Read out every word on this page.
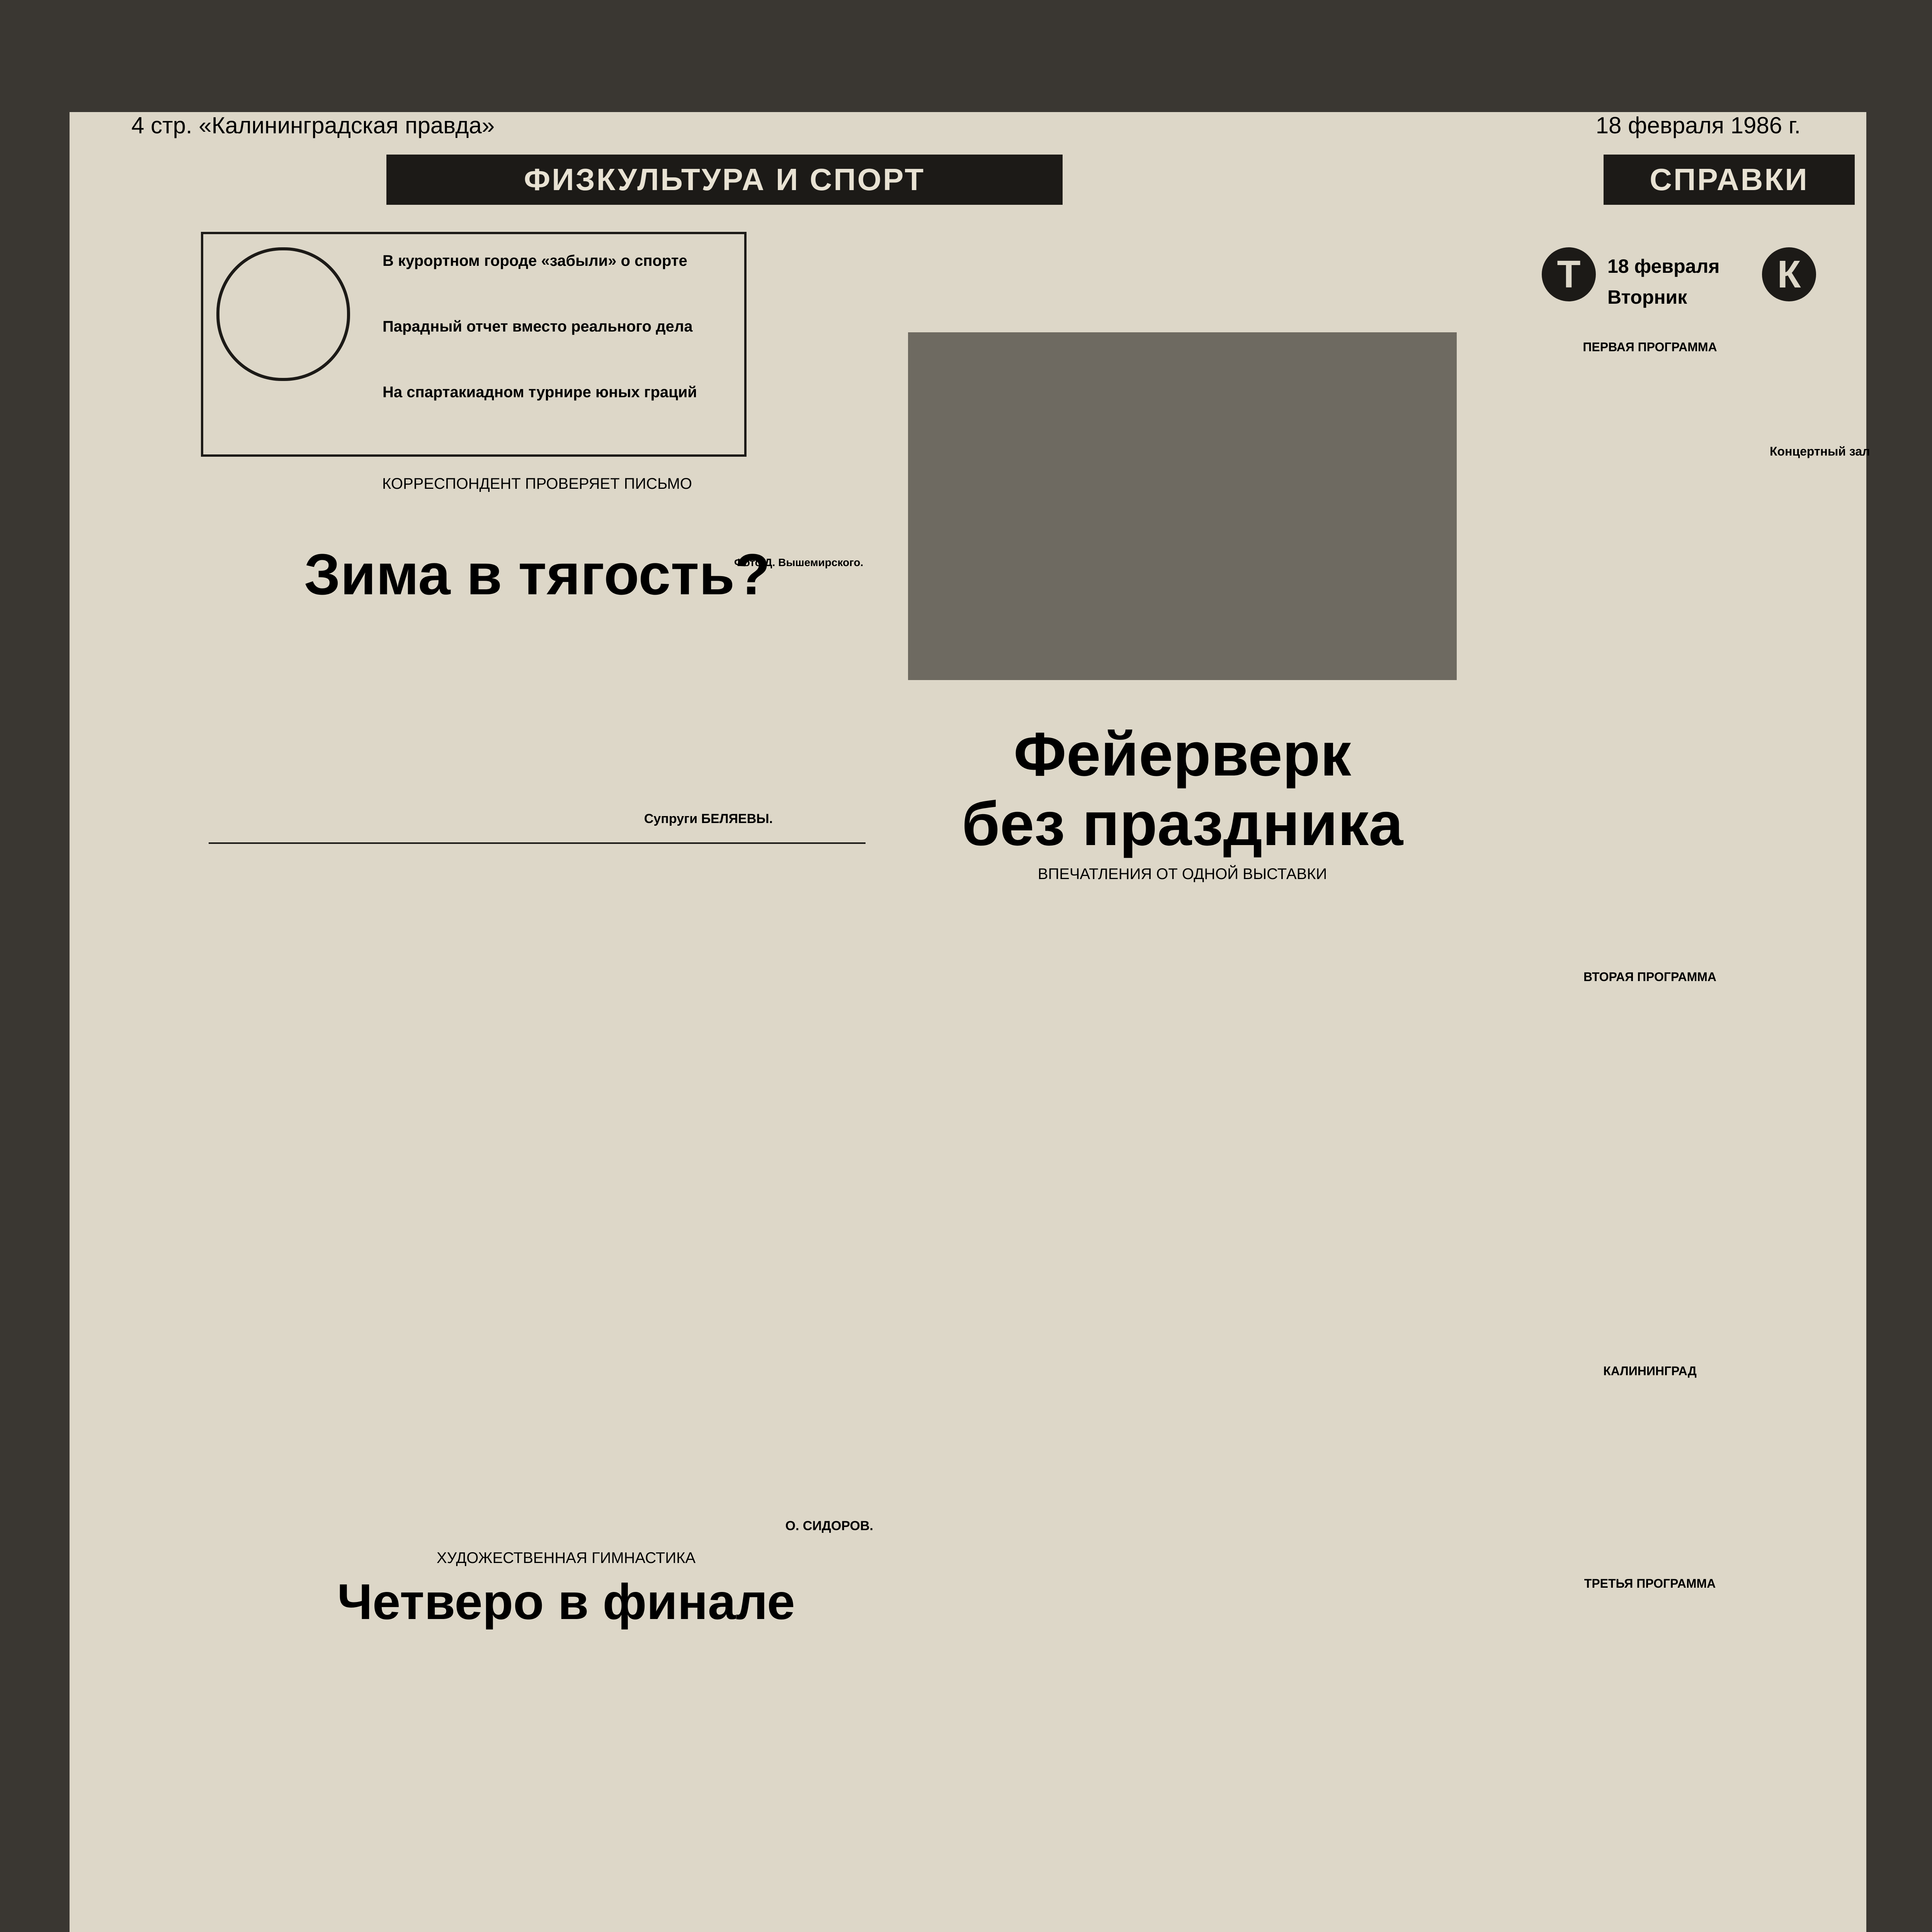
4 стр. «Калининградская правда»	18 февраля 1986 г.
ФИЗКУЛЬТУРА И СПОРТ	СПРАВКИ
В курортном городе «забыли» о спорте
Парадный отчет вместо реального дела
На спартакиадном турнире юных граций
Фото Д. Вышемирского.
КОРРЕСПОНДЕНТ ПРОВЕРЯЕТ ПИСЬМО
Зима в тягость?
Супруги БЕЛЯЕВЫ.
О. СИДОРОВ.
Фейерверк
без праздника
ВПЕЧАТЛЕНИЯ ОТ ОДНОЙ ВЫСТАВКИ
ХУДОЖЕСТВЕННАЯ ГИМНАСТИКА
Четверо в финале
Т	18 февраля
Вторник
ПЕРВАЯ ПРОГРАММА
ВТОРАЯ ПРОГРАММА
КАЛИНИНГРАД
ТРЕТЬЯ ПРОГРАММА
К
Концертный зал
